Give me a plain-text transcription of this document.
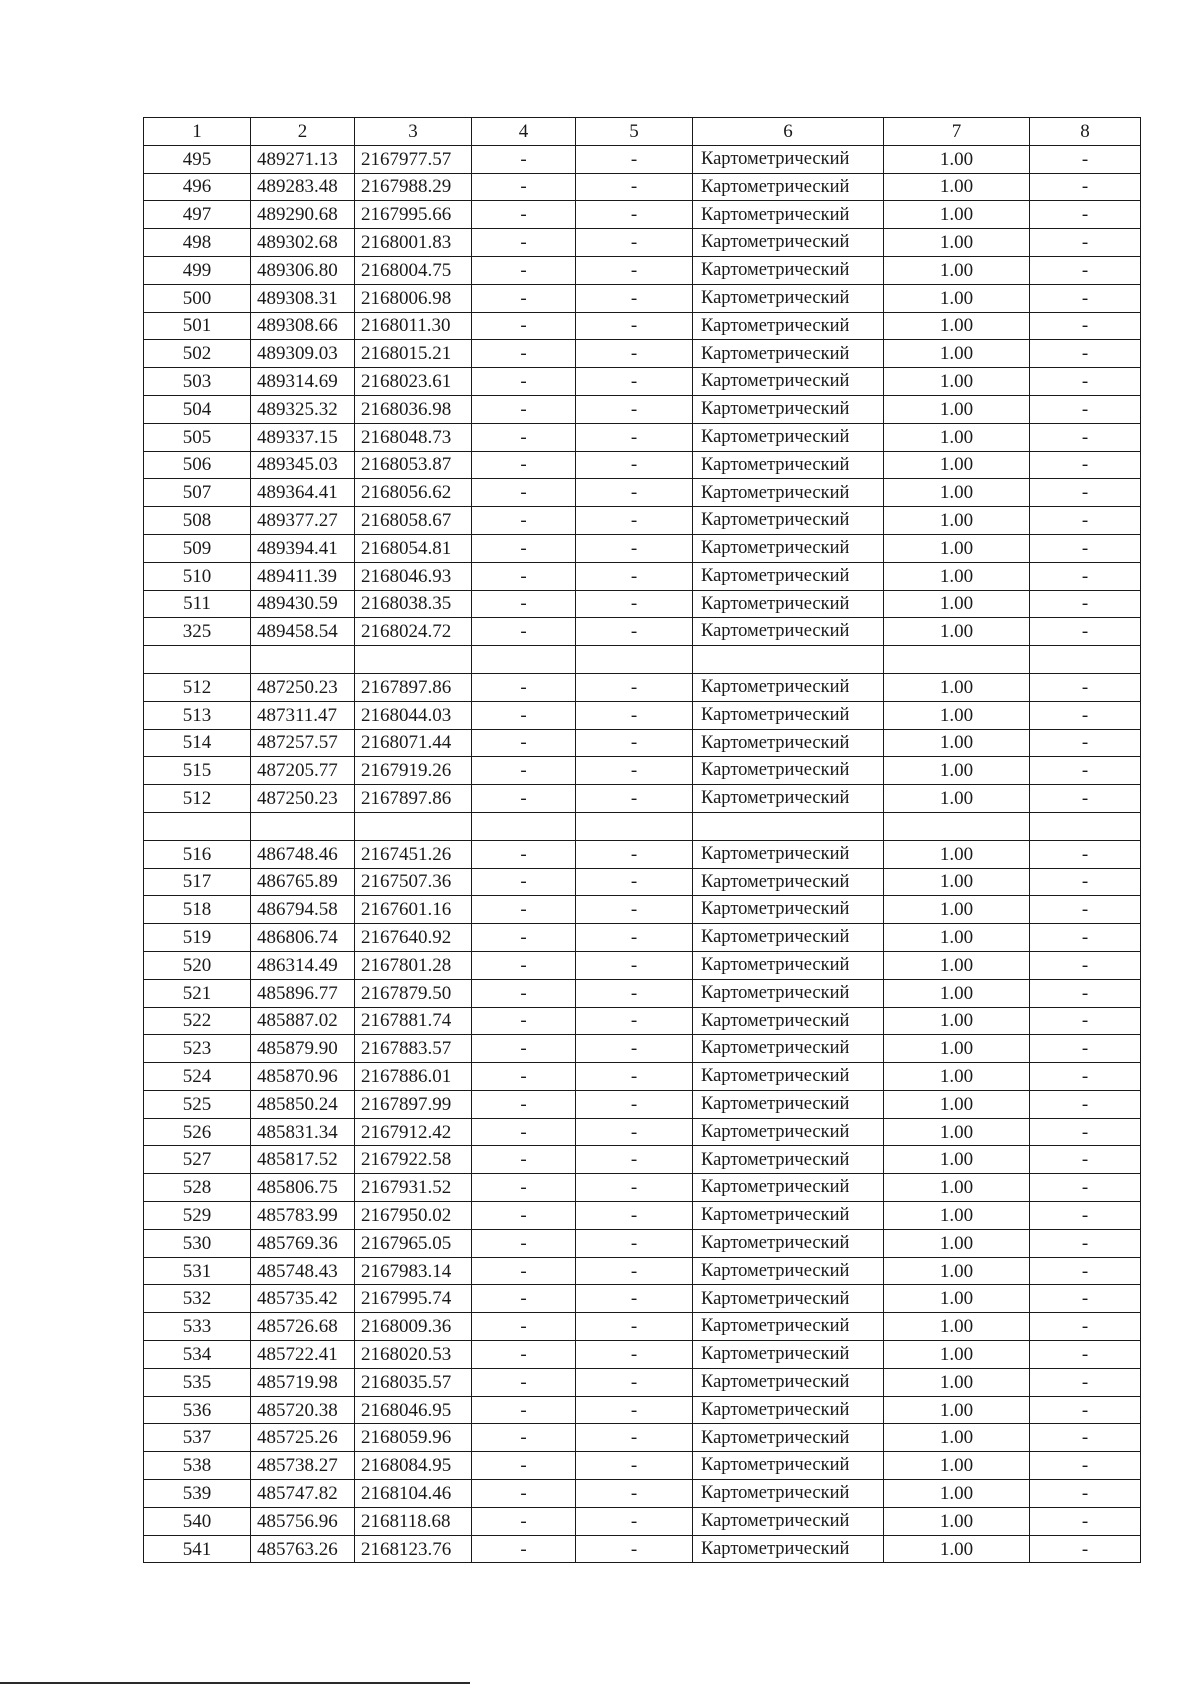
1	2	3	4	5	6	7	8
495	489271.13	2167977.57	-	-	Картометрический	1.00	-
496	489283.48	2167988.29	-	-	Картометрический	1.00	-
497	489290.68	2167995.66	-	-	Картометрический	1.00	-
498	489302.68	2168001.83	-	-	Картометрический	1.00	-
499	489306.80	2168004.75	-	-	Картометрический	1.00	-
500	489308.31	2168006.98	-	-	Картометрический	1.00	-
501	489308.66	2168011.30	-	-	Картометрический	1.00	-
502	489309.03	2168015.21	-	-	Картометрический	1.00	-
503	489314.69	2168023.61	-	-	Картометрический	1.00	-
504	489325.32	2168036.98	-	-	Картометрический	1.00	-
505	489337.15	2168048.73	-	-	Картометрический	1.00	-
506	489345.03	2168053.87	-	-	Картометрический	1.00	-
507	489364.41	2168056.62	-	-	Картометрический	1.00	-
508	489377.27	2168058.67	-	-	Картометрический	1.00	-
509	489394.41	2168054.81	-	-	Картометрический	1.00	-
510	489411.39	2168046.93	-	-	Картометрический	1.00	-
511	489430.59	2168038.35	-	-	Картометрический	1.00	-
325	489458.54	2168024.72	-	-	Картометрический	1.00	-

512	487250.23	2167897.86	-	-	Картометрический	1.00	-
513	487311.47	2168044.03	-	-	Картометрический	1.00	-
514	487257.57	2168071.44	-	-	Картометрический	1.00	-
515	487205.77	2167919.26	-	-	Картометрический	1.00	-
512	487250.23	2167897.86	-	-	Картометрический	1.00	-

516	486748.46	2167451.26	-	-	Картометрический	1.00	-
517	486765.89	2167507.36	-	-	Картометрический	1.00	-
518	486794.58	2167601.16	-	-	Картометрический	1.00	-
519	486806.74	2167640.92	-	-	Картометрический	1.00	-
520	486314.49	2167801.28	-	-	Картометрический	1.00	-
521	485896.77	2167879.50	-	-	Картометрический	1.00	-
522	485887.02	2167881.74	-	-	Картометрический	1.00	-
523	485879.90	2167883.57	-	-	Картометрический	1.00	-
524	485870.96	2167886.01	-	-	Картометрический	1.00	-
525	485850.24	2167897.99	-	-	Картометрический	1.00	-
526	485831.34	2167912.42	-	-	Картометрический	1.00	-
527	485817.52	2167922.58	-	-	Картометрический	1.00	-
528	485806.75	2167931.52	-	-	Картометрический	1.00	-
529	485783.99	2167950.02	-	-	Картометрический	1.00	-
530	485769.36	2167965.05	-	-	Картометрический	1.00	-
531	485748.43	2167983.14	-	-	Картометрический	1.00	-
532	485735.42	2167995.74	-	-	Картометрический	1.00	-
533	485726.68	2168009.36	-	-	Картометрический	1.00	-
534	485722.41	2168020.53	-	-	Картометрический	1.00	-
535	485719.98	2168035.57	-	-	Картометрический	1.00	-
536	485720.38	2168046.95	-	-	Картометрический	1.00	-
537	485725.26	2168059.96	-	-	Картометрический	1.00	-
538	485738.27	2168084.95	-	-	Картометрический	1.00	-
539	485747.82	2168104.46	-	-	Картометрический	1.00	-
540	485756.96	2168118.68	-	-	Картометрический	1.00	-
541	485763.26	2168123.76	-	-	Картометрический	1.00	-
